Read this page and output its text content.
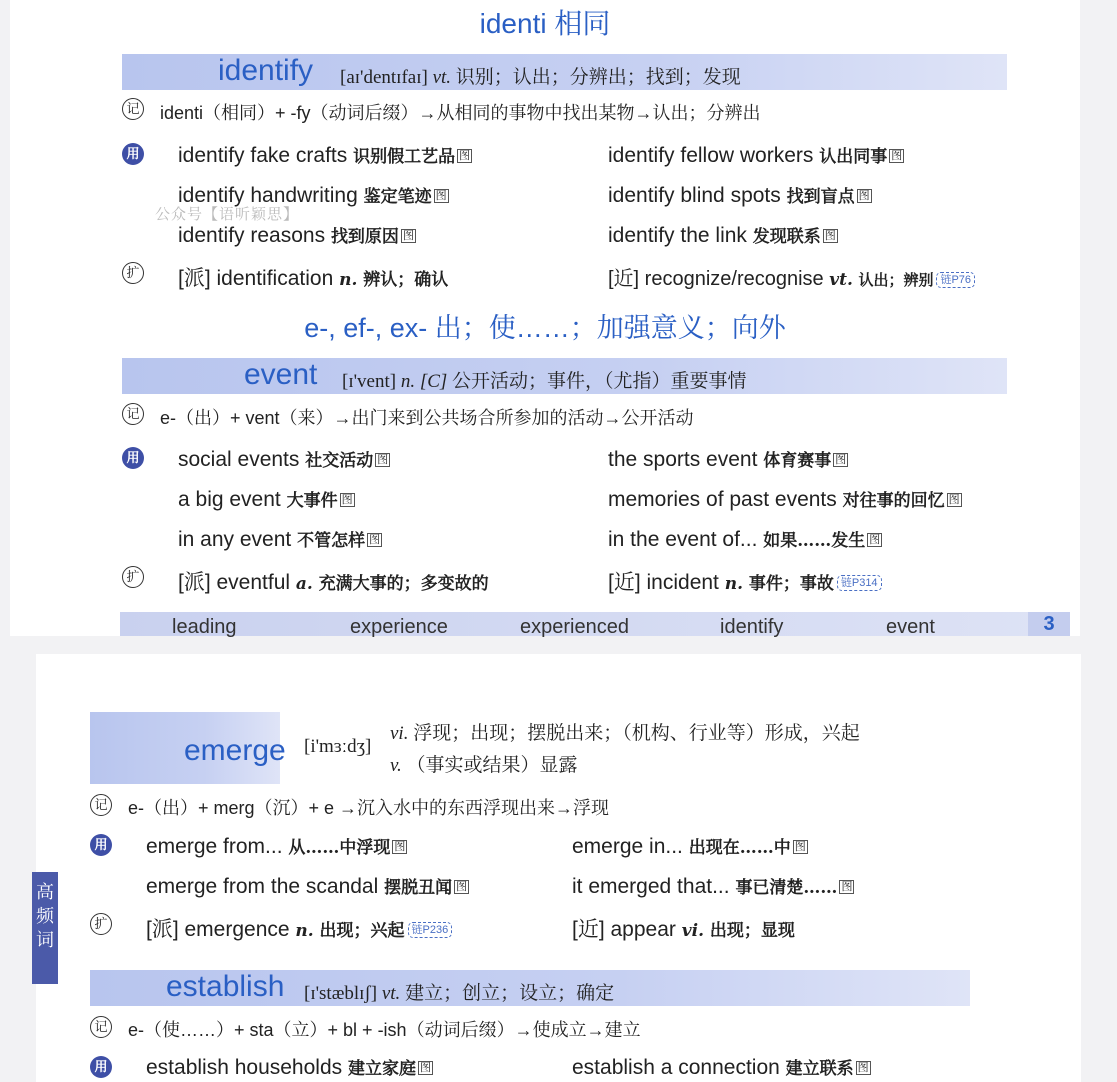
identi 相同
identify [aɪ'dentɪfaɪ] vt. 识别；认出；分辨出；找到；发现
记 identi（相同）+ -fy（动词后缀）→从相同的事物中找出某物→认出；分辨出
用 identify fake crafts 识别假工艺品 图	identify fellow workers 认出同事 图
identify handwriting 鉴定笔迹 图	identify blind spots 找到盲点 图
identify reasons 找到原因 图	identify the link 发现联系 图
扩 [派] identification n. 辨认；确认	[近] recognize/recognise vt. 认出；辨别 链P76
e-, ef-, ex- 出；使……；加强意义；向外
event [ɪ'vent] n. [C] 公开活动；事件，（尤指）重要事情
记 e-（出）+ vent（来）→出门来到公共场合所参加的活动→公开活动
用 social events 社交活动 图	the sports event 体育赛事 图
a big event 大事件 图	memories of past events 对往事的回忆 图
in any event 不管怎样 图	in the event of... 如果……发生 图
扩 [派] eventful a. 充满大事的；多变故的	[近] incident n. 事件；事故 链P314
leading	experience	experienced	identify	event	3
公众号【语听颖思】
emerge [i'mɜːdʒ]
vi. 浮现；出现；摆脱出来；（机构、行业等）形成，兴起
v. （事实或结果）显露
记 e-（出）+ merg（沉）+ e →沉入水中的东西浮现出来→浮现
用 emerge from... 从……中浮现 图	emerge in... 出现在……中 图
emerge from the scandal 摆脱丑闻 图	it emerged that... 事已清楚…… 图
扩 [派] emergence n. 出现；兴起 链P236	[近] appear vi. 出现；显现
establish [ɪ'stæblɪʃ] vt. 建立；创立；设立；确定
记 e-（使……）+ sta（立）+ bl + -ish（动词后缀）→使成立→建立
用 establish households 建立家庭 图	establish a connection 建立联系 图
高
频
词
